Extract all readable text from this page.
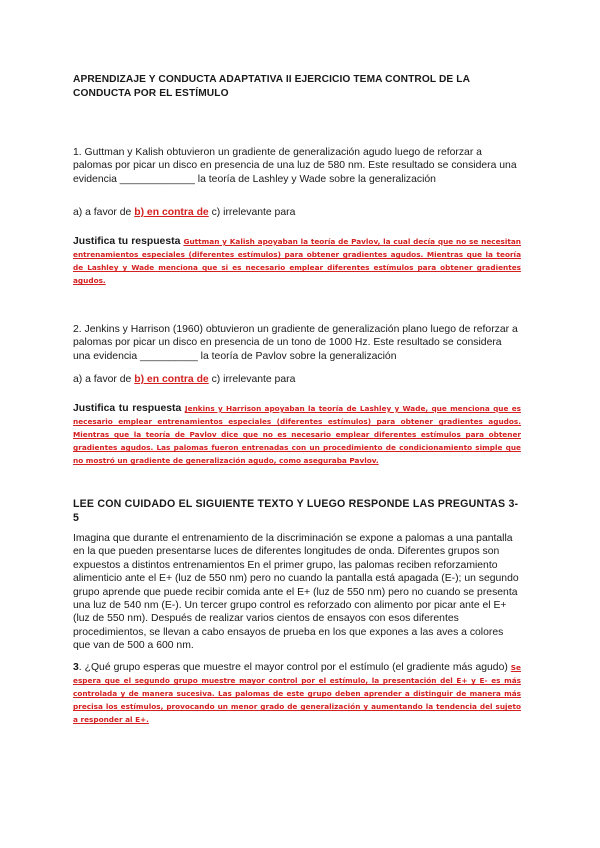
APRENDIZAJE Y CONDUCTA ADAPTATIVA II EJERCICIO TEMA CONTROL DE LA CONDUCTA POR EL ESTÍMULO
1. Guttman y Kalish obtuvieron un gradiente de generalización agudo luego de reforzar a palomas por picar un disco en presencia de una luz de 580 nm. Este resultado se considera una evidencia _____________ la teoría de Lashley y Wade sobre la generalización
a) a favor de b) en contra de c) irrelevante para
Justifica tu respuesta Guttman y Kalish apoyaban la teoría de Pavlov, la cual decía que no se necesitan entrenamientos especiales (diferentes estímulos) para obtener gradientes agudos. Mientras que la teoría de Lashley y Wade menciona que si es necesario emplear diferentes estímulos para obtener gradientes agudos.
2. Jenkins y Harrison (1960) obtuvieron un gradiente de generalización plano luego de reforzar a palomas por picar un disco en presencia de un tono de 1000 Hz. Este resultado se considera una evidencia __________ la teoría de Pavlov sobre la generalización
a) a favor de b) en contra de c) irrelevante para
Justifica tu respuesta Jenkins y Harrison apoyaban la teoría de Lashley y Wade, que menciona que es necesario emplear entrenamientos especiales (diferentes estímulos) para obtener gradientes agudos. Mientras que la teoría de Pavlov dice que no es necesario emplear diferentes estímulos para obtener gradientes agudos. Las palomas fueron entrenadas con un procedimiento de condicionamiento simple que no mostró un gradiente de generalización agudo, como aseguraba Pavlov.
LEE CON CUIDADO EL SIGUIENTE TEXTO Y LUEGO RESPONDE LAS PREGUNTAS 3-5
Imagina que durante el entrenamiento de la discriminación se expone a palomas a una pantalla en la que pueden presentarse luces de diferentes longitudes de onda. Diferentes grupos son expuestos a distintos entrenamientos En el primer grupo, las palomas reciben reforzamiento alimenticio ante el E+ (luz de 550 nm) pero no cuando la pantalla está apagada (E-); un segundo grupo aprende que puede recibir comida ante el E+ (luz de 550 nm) pero no cuando se presenta una luz de 540 nm (E-). Un tercer grupo control es reforzado con alimento por picar ante el E+ (luz de 550 nm). Después de realizar varios cientos de ensayos con esos diferentes procedimientos, se llevan a cabo ensayos de prueba en los que expones a las aves a colores que van de 500 a 600 nm.
3. ¿Qué grupo esperas que muestre el mayor control por el estímulo (el gradiente más agudo) Se espera que el segundo grupo muestre mayor control por el estímulo, la presentación del E+ y E- es más controlada y de manera sucesiva. Las palomas de este grupo deben aprender a distinguir de manera más precisa los estímulos, provocando un menor grado de generalización y aumentando la tendencia del sujeto a responder al E+.
